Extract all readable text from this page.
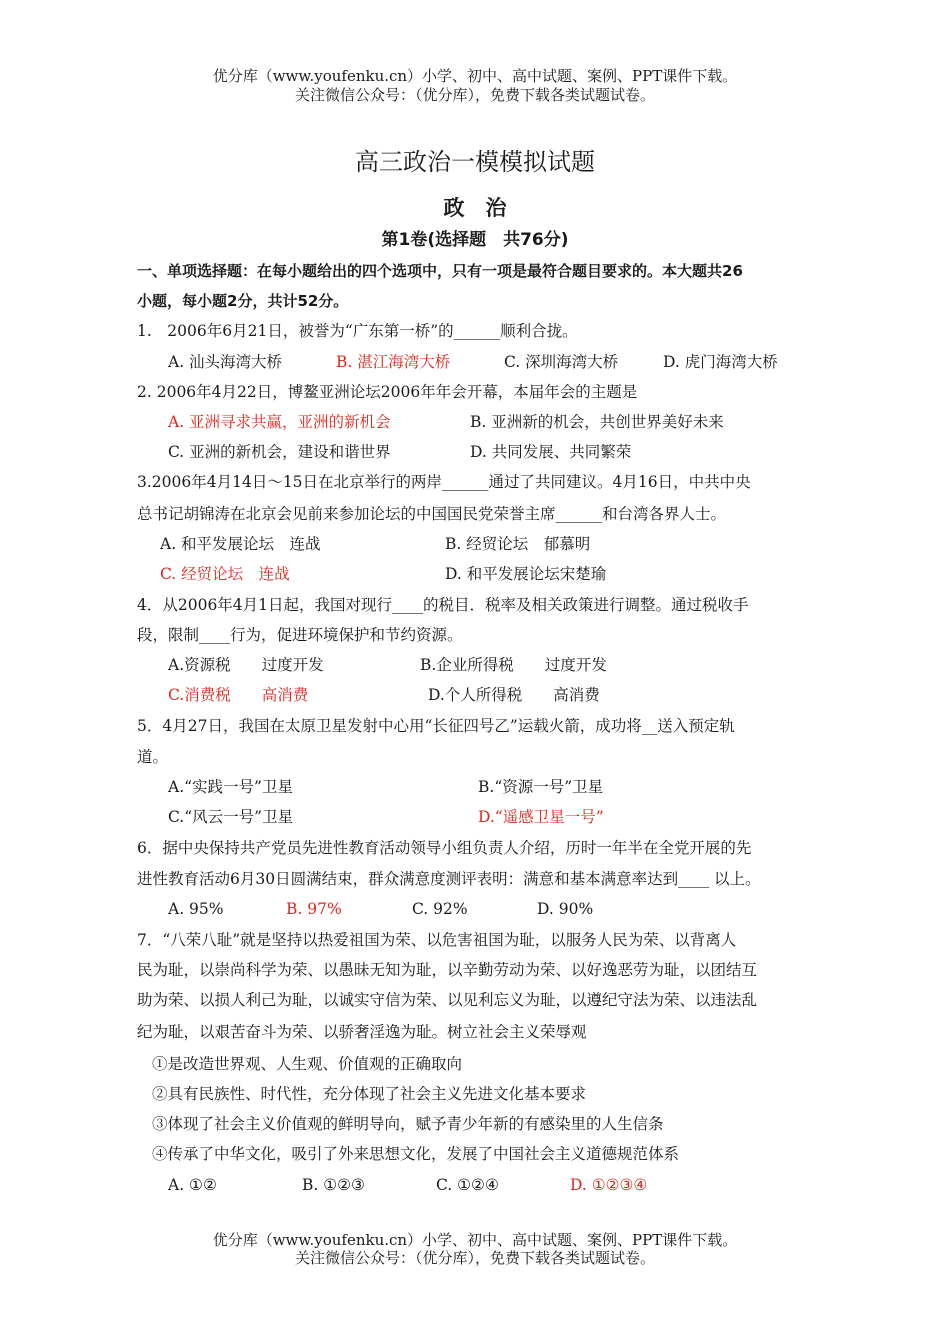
优分库（www.youfenku.cn）小学、初中、高中试题、案例、PPT课件下载。
关注微信公众号：（优分库），免费下载各类试题试卷。
高三政治一模模拟试题
政　治
第1卷(选择题　共76分)
一、单项选择题：在每小题给出的四个选项中，只有一项是最符合题目要求的。本大题共26
小题，每小题2分，共计52分。
1.　2006年6月21日，被誉为“广东第一桥”的______顺利合拢。
A. 汕头海湾大桥	B. 湛江海湾大桥	C. 深圳海湾大桥	D. 虎门海湾大桥
2. 2006年4月22日，博鳌亚洲论坛2006年年会开幕，本届年会的主题是
A. 亚洲寻求共赢，亚洲的新机会	B. 亚洲新的机会，共创世界美好未来
C. 亚洲的新机会，建设和谐世界	D. 共同发展、共同繁荣
3.2006年4月14日～15日在北京举行的两岸______通过了共同建议。4月16日，中共中央
总书记胡锦涛在北京会见前来参加论坛的中国国民党荣誉主席______和台湾各界人士。
A. 和平发展论坛　连战	B. 经贸论坛　郁慕明
C. 经贸论坛　连战	D. 和平发展论坛宋楚瑜
4．从2006年4月1日起，我国对现行____的税目．税率及相关政策进行调整。通过税收手
段，限制____行为，促进环境保护和节约资源。
A.资源税　　过度开发	B.企业所得税　　过度开发
C.消费税　　高消费	D.个人所得税　　高消费
5．4月27日，我国在太原卫星发射中心用“长征四号乙”运载火箭，成功将__送入预定轨
道。
A.“实践一号”卫星	B.“资源一号”卫星
C.“风云一号”卫星	D.“遥感卫星一号”
6．据中央保持共产党员先进性教育活动领导小组负责人介绍，历时一年半在全党开展的先
进性教育活动6月30日圆满结束，群众满意度测评表明：满意和基本满意率达到____ 以上。
A. 95%	B. 97%	C. 92%	D. 90%
7．“八荣八耻”就是坚持以热爱祖国为荣、以危害祖国为耻，以服务人民为荣、以背离人
民为耻，以崇尚科学为荣、以愚昧无知为耻，以辛勤劳动为荣、以好逸恶劳为耻，以团结互
助为荣、以损人利己为耻，以诚实守信为荣、以见利忘义为耻，以遵纪守法为荣、以违法乱
纪为耻，以艰苦奋斗为荣、以骄奢淫逸为耻。树立社会主义荣辱观
①是改造世界观、人生观、价值观的正确取向
②具有民族性、时代性，充分体现了社会主义先进文化基本要求
③体现了社会主义价值观的鲜明导向，赋予青少年新的有感染里的人生信条
④传承了中华文化，吸引了外来思想文化，发展了中国社会主义道德规范体系
A. ①②	B. ①②③	C. ①②④	D. ①②③④
优分库（www.youfenku.cn）小学、初中、高中试题、案例、PPT课件下载。
关注微信公众号：（优分库），免费下载各类试题试卷。
